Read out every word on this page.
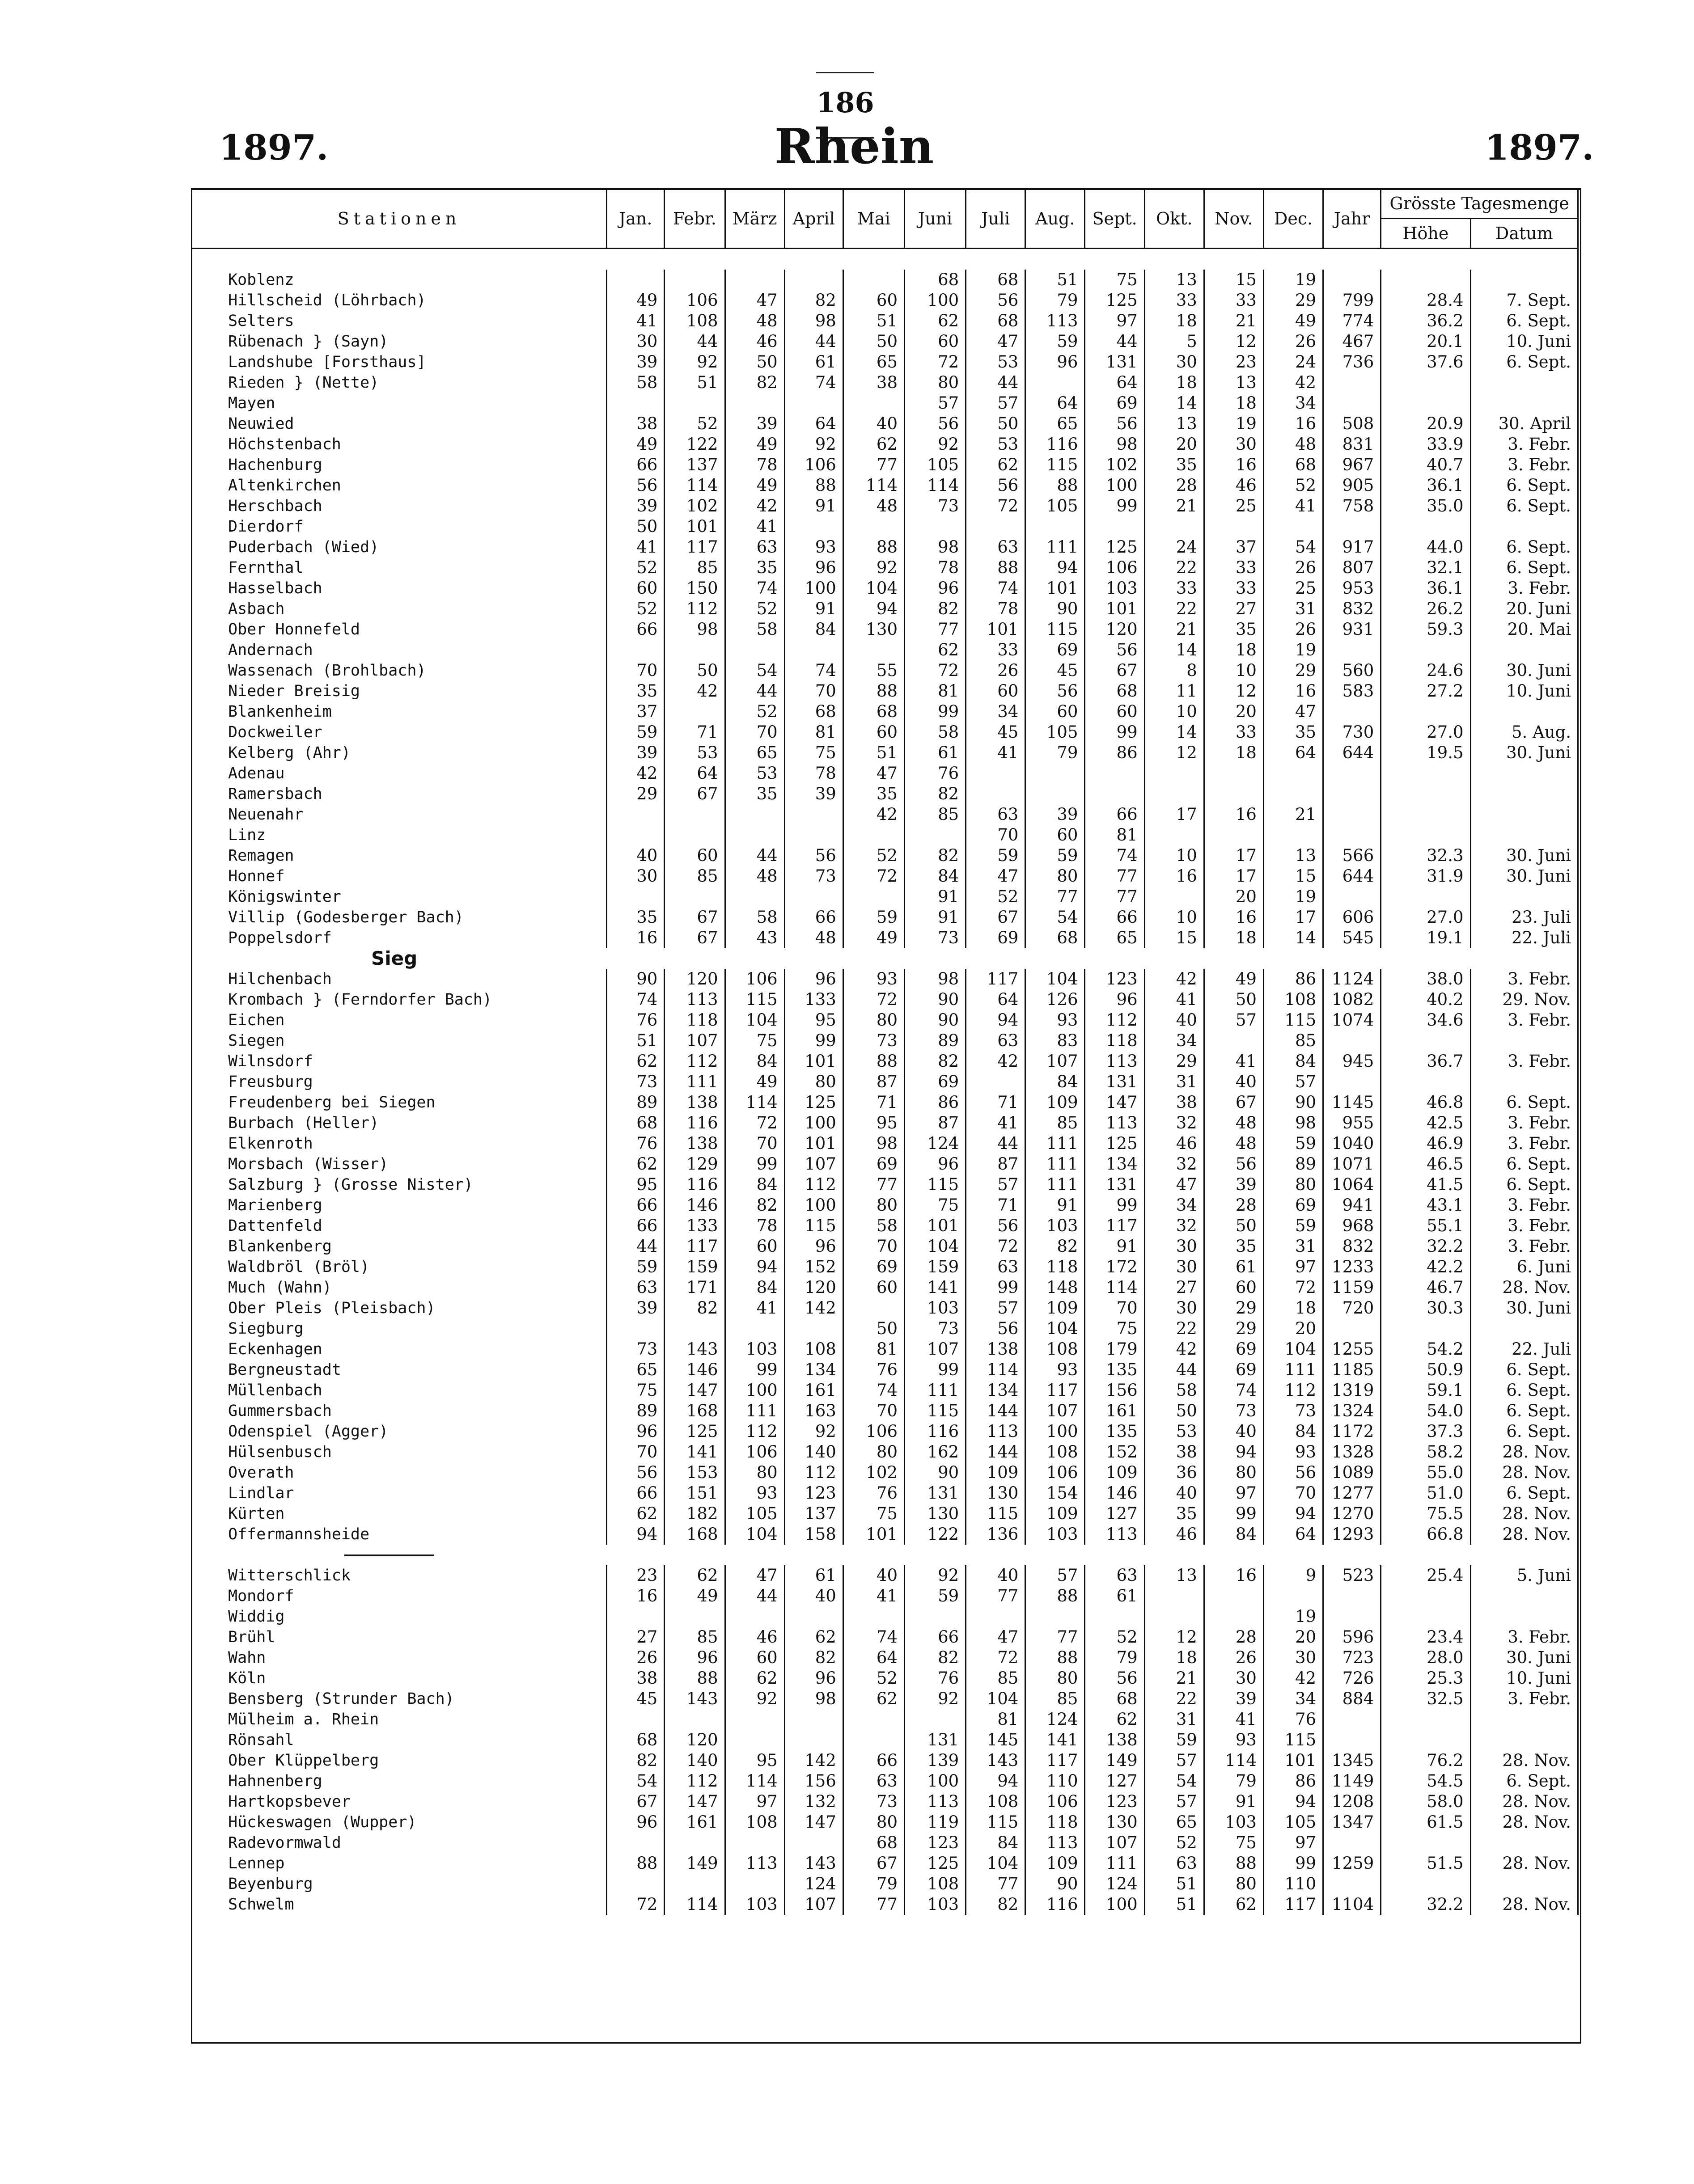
186
1897.	Rhein	1897.
Stationen	Jan.	Febr.	März	April	Mai	Juni	Juli	Aug.	Sept.	Okt.	Nov.	Dec.	Jahr	Grösste Tagesmenge	
														Höhe	Datum

Koblenz						68	68	51	75	13	15	19			
Hillscheid (Löhrbach)	49	106	47	82	60	100	56	79	125	33	33	29	799	28.4	7. Sept.
Selters	41	108	48	98	51	62	68	113	97	18	21	49	774	36.2	6. Sept.
Rübenach } (Sayn)	30	44	46	44	50	60	47	59	44	5	12	26	467	20.1	10. Juni
Landshube [Forsthaus]	39	92	50	61	65	72	53	96	131	30	23	24	736	37.6	6. Sept.
Rieden } (Nette)	58	51	82	74	38	80	44		64	18	13	42			
Mayen						57	57	64	69	14	18	34			
Neuwied	38	52	39	64	40	56	50	65	56	13	19	16	508	20.9	30. April
Höchstenbach	49	122	49	92	62	92	53	116	98	20	30	48	831	33.9	3. Febr.
Hachenburg	66	137	78	106	77	105	62	115	102	35	16	68	967	40.7	3. Febr.
Altenkirchen	56	114	49	88	114	114	56	88	100	28	46	52	905	36.1	6. Sept.
Herschbach	39	102	42	91	48	73	72	105	99	21	25	41	758	35.0	6. Sept.
Dierdorf	50	101	41												
Puderbach (Wied)	41	117	63	93	88	98	63	111	125	24	37	54	917	44.0	6. Sept.
Fernthal	52	85	35	96	92	78	88	94	106	22	33	26	807	32.1	6. Sept.
Hasselbach	60	150	74	100	104	96	74	101	103	33	33	25	953	36.1	3. Febr.
Asbach	52	112	52	91	94	82	78	90	101	22	27	31	832	26.2	20. Juni
Ober Honnefeld	66	98	58	84	130	77	101	115	120	21	35	26	931	59.3	20. Mai
Andernach						62	33	69	56	14	18	19			
Wassenach (Brohlbach)	70	50	54	74	55	72	26	45	67	8	10	29	560	24.6	30. Juni
Nieder Breisig	35	42	44	70	88	81	60	56	68	11	12	16	583	27.2	10. Juni
Blankenheim	37		52	68	68	99	34	60	60	10	20	47			
Dockweiler	59	71	70	81	60	58	45	105	99	14	33	35	730	27.0	5. Aug.
Kelberg (Ahr)	39	53	65	75	51	61	41	79	86	12	18	64	644	19.5	30. Juni
Adenau	42	64	53	78	47	76									
Ramersbach	29	67	35	39	35	82									
Neuenahr					42	85	63	39	66	17	16	21			
Linz							70	60	81						
Remagen	40	60	44	56	52	82	59	59	74	10	17	13	566	32.3	30. Juni
Honnef	30	85	48	73	72	84	47	80	77	16	17	15	644	31.9	30. Juni
Königswinter						91	52	77	77		20	19			
Villip (Godesberger Bach)	35	67	58	66	59	91	67	54	66	10	16	17	606	27.0	23. Juli
Poppelsdorf	16	67	43	48	49	73	69	68	65	15	18	14	545	19.1	22. Juli
Sieg															
Hilchenbach	90	120	106	96	93	98	117	104	123	42	49	86	1124	38.0	3. Febr.
Krombach } (Ferndorfer Bach)	74	113	115	133	72	90	64	126	96	41	50	108	1082	40.2	29. Nov.
Eichen	76	118	104	95	80	90	94	93	112	40	57	115	1074	34.6	3. Febr.
Siegen	51	107	75	99	73	89	63	83	118	34		85			
Wilnsdorf	62	112	84	101	88	82	42	107	113	29	41	84	945	36.7	3. Febr.
Freusburg	73	111	49	80	87	69		84	131	31	40	57			
Freudenberg bei Siegen	89	138	114	125	71	86	71	109	147	38	67	90	1145	46.8	6. Sept.
Burbach (Heller)	68	116	72	100	95	87	41	85	113	32	48	98	955	42.5	3. Febr.
Elkenroth	76	138	70	101	98	124	44	111	125	46	48	59	1040	46.9	3. Febr.
Morsbach (Wisser)	62	129	99	107	69	96	87	111	134	32	56	89	1071	46.5	6. Sept.
Salzburg } (Grosse Nister)	95	116	84	112	77	115	57	111	131	47	39	80	1064	41.5	6. Sept.
Marienberg	66	146	82	100	80	75	71	91	99	34	28	69	941	43.1	3. Febr.
Dattenfeld	66	133	78	115	58	101	56	103	117	32	50	59	968	55.1	3. Febr.
Blankenberg	44	117	60	96	70	104	72	82	91	30	35	31	832	32.2	3. Febr.
Waldbröl (Bröl)	59	159	94	152	69	159	63	118	172	30	61	97	1233	42.2	6. Juni
Much (Wahn)	63	171	84	120	60	141	99	148	114	27	60	72	1159	46.7	28. Nov.
Ober Pleis (Pleisbach)	39	82	41	142		103	57	109	70	30	29	18	720	30.3	30. Juni
Siegburg					50	73	56	104	75	22	29	20			
Eckenhagen	73	143	103	108	81	107	138	108	179	42	69	104	1255	54.2	22. Juli
Bergneustadt	65	146	99	134	76	99	114	93	135	44	69	111	1185	50.9	6. Sept.
Müllenbach	75	147	100	161	74	111	134	117	156	58	74	112	1319	59.1	6. Sept.
Gummersbach	89	168	111	163	70	115	144	107	161	50	73	73	1324	54.0	6. Sept.
Odenspiel (Agger)	96	125	112	92	106	116	113	100	135	53	40	84	1172	37.3	6. Sept.
Hülsenbusch	70	141	106	140	80	162	144	108	152	38	94	93	1328	58.2	28. Nov.
Overath	56	153	80	112	102	90	109	106	109	36	80	56	1089	55.0	28. Nov.
Lindlar	66	151	93	123	76	131	130	154	146	40	97	70	1277	51.0	6. Sept.
Kürten	62	182	105	137	75	130	115	109	127	35	99	94	1270	75.5	28. Nov.
Offermannsheide	94	168	104	158	101	122	136	103	113	46	84	64	1293	66.8	28. Nov.

Witterschlick	23	62	47	61	40	92	40	57	63	13	16	9	523	25.4	5. Juni
Mondorf	16	49	44	40	41	59	77	88	61						
Widdig												19			
Brühl	27	85	46	62	74	66	47	77	52	12	28	20	596	23.4	3. Febr.
Wahn	26	96	60	82	64	82	72	88	79	18	26	30	723	28.0	30. Juni
Köln	38	88	62	96	52	76	85	80	56	21	30	42	726	25.3	10. Juni
Bensberg (Strunder Bach)	45	143	92	98	62	92	104	85	68	22	39	34	884	32.5	3. Febr.
Mülheim a. Rhein							81	124	62	31	41	76			
Rönsahl	68	120				131	145	141	138	59	93	115			
Ober Klüppelberg	82	140	95	142	66	139	143	117	149	57	114	101	1345	76.2	28. Nov.
Hahnenberg	54	112	114	156	63	100	94	110	127	54	79	86	1149	54.5	6. Sept.
Hartkopsbever	67	147	97	132	73	113	108	106	123	57	91	94	1208	58.0	28. Nov.
Hückeswagen (Wupper)	96	161	108	147	80	119	115	118	130	65	103	105	1347	61.5	28. Nov.
Radevormwald					68	123	84	113	107	52	75	97			
Lennep	88	149	113	143	67	125	104	109	111	63	88	99	1259	51.5	28. Nov.
Beyenburg				124	79	108	77	90	124	51	80	110			
Schwelm	72	114	103	107	77	103	82	116	100	51	62	117	1104	32.2	28. Nov.
